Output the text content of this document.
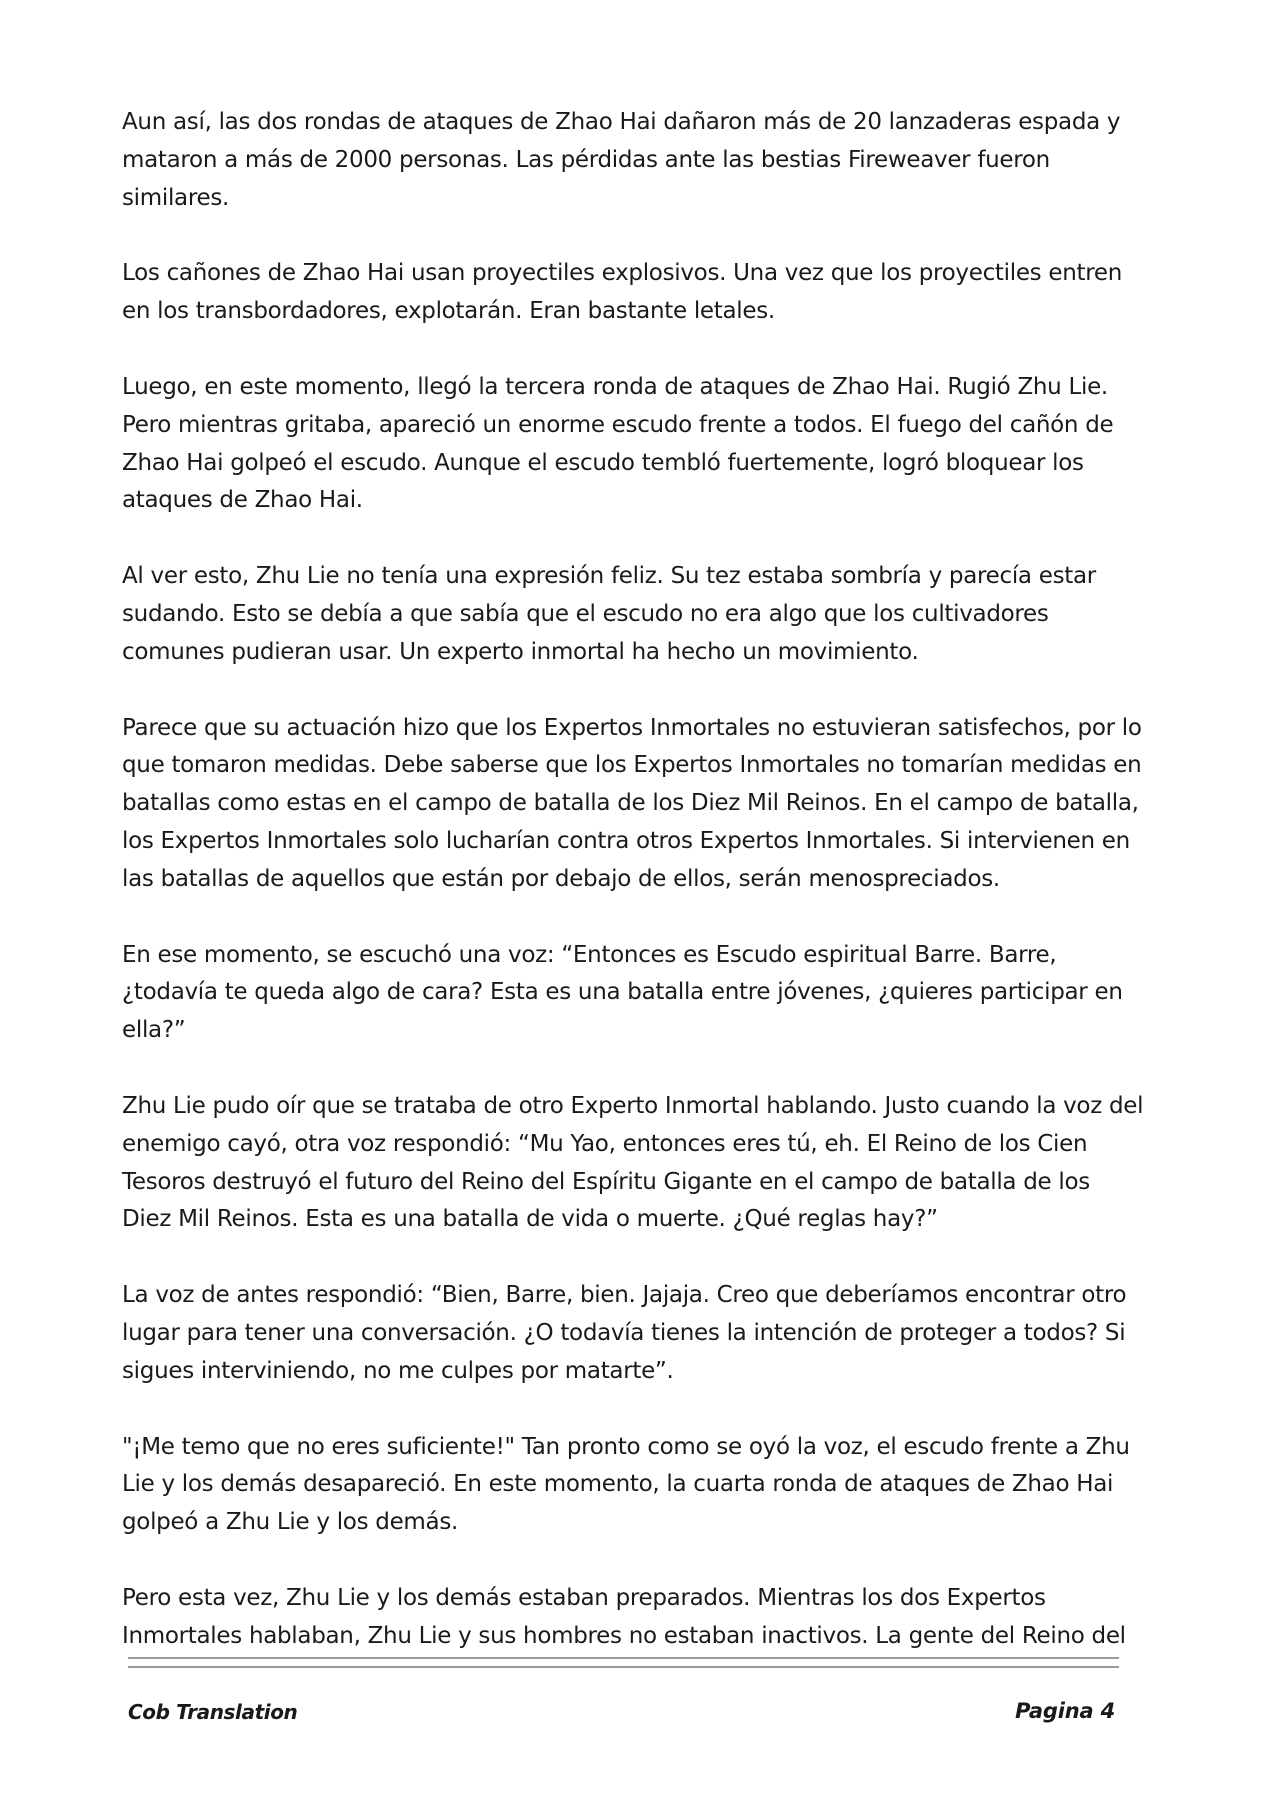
Aun así, las dos rondas de ataques de Zhao Hai dañaron más de 20 lanzaderas espada y mataron a más de 2000 personas. Las pérdidas ante las bestias Fireweaver fueron similares.

Los cañones de Zhao Hai usan proyectiles explosivos. Una vez que los proyectiles entren en los transbordadores, explotarán. Eran bastante letales.

Luego, en este momento, llegó la tercera ronda de ataques de Zhao Hai. Rugió Zhu Lie. Pero mientras gritaba, apareció un enorme escudo frente a todos. El fuego del cañón de Zhao Hai golpeó el escudo. Aunque el escudo tembló fuertemente, logró bloquear los ataques de Zhao Hai.

Al ver esto, Zhu Lie no tenía una expresión feliz. Su tez estaba sombría y parecía estar sudando. Esto se debía a que sabía que el escudo no era algo que los cultivadores comunes pudieran usar. Un experto inmortal ha hecho un movimiento.

Parece que su actuación hizo que los Expertos Inmortales no estuvieran satisfechos, por lo que tomaron medidas. Debe saberse que los Expertos Inmortales no tomarían medidas en batallas como estas en el campo de batalla de los Diez Mil Reinos. En el campo de batalla, los Expertos Inmortales solo lucharían contra otros Expertos Inmortales. Si intervienen en las batallas de aquellos que están por debajo de ellos, serán menospreciados.

En ese momento, se escuchó una voz: “Entonces es Escudo espiritual Barre. Barre, ¿todavía te queda algo de cara? Esta es una batalla entre jóvenes, ¿quieres participar en ella?”

Zhu Lie pudo oír que se trataba de otro Experto Inmortal hablando. Justo cuando la voz del enemigo cayó, otra voz respondió: “Mu Yao, entonces eres tú, eh. El Reino de los Cien Tesoros destruyó el futuro del Reino del Espíritu Gigante en el campo de batalla de los Diez Mil Reinos. Esta es una batalla de vida o muerte. ¿Qué reglas hay?”

La voz de antes respondió: “Bien, Barre, bien. Jajaja. Creo que deberíamos encontrar otro lugar para tener una conversación. ¿O todavía tienes la intención de proteger a todos? Si sigues interviniendo, no me culpes por matarte”.

"¡Me temo que no eres suficiente!" Tan pronto como se oyó la voz, el escudo frente a Zhu Lie y los demás desapareció. En este momento, la cuarta ronda de ataques de Zhao Hai golpeó a Zhu Lie y los demás.

Pero esta vez, Zhu Lie y los demás estaban preparados. Mientras los dos Expertos Inmortales hablaban, Zhu Lie y sus hombres no estaban inactivos. La gente del Reino del

Cob Translation	Pagina 4
